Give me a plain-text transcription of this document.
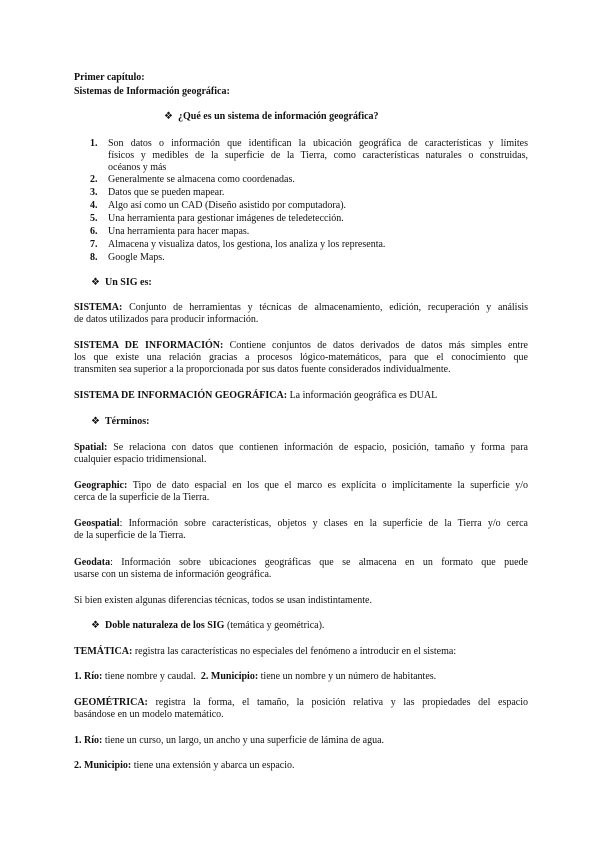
Primer capítulo:
Sistemas de Información geográfica:
❖ ¿Qué es un sistema de información geográfica?
1.	Son datos o información que identifican la ubicación geográfica de características y límites
físicos y medibles de la superficie de la Tierra, como características naturales o construidas,
océanos y más
2.	Generalmente se almacena como coordenadas.
3.	Datos que se pueden mapear.
4.	Algo así como un CAD (Diseño asistido por computadora).
5.	Una herramienta para gestionar imágenes de teledetección.
6.	Una herramienta para hacer mapas.
7.	Almacena y visualiza datos, los gestiona, los analiza y los representa.
8.	Google Maps.
❖ Un SIG es:
SISTEMA: Conjunto de herramientas y técnicas de almacenamiento, edición, recuperación y análisis
de datos utilizados para producir información.
SISTEMA DE INFORMACIÓN: Contiene conjuntos de datos derivados de datos más simples entre
los que existe una relación gracias a procesos lógico-matemáticos, para que el conocimiento que
transmiten sea superior a la proporcionada por sus datos fuente considerados individualmente.
SISTEMA DE INFORMACIÓN GEOGRÁFICA: La información geográfica es DUAL
❖ Términos:
Spatial: Se relaciona con datos que contienen información de espacio, posición, tamaño y forma para
cualquier espacio tridimensional.
Geographic: Tipo de dato espacial en los que el marco es explícita o implícitamente la superficie y/o
cerca de la superficie de la Tierra.
Geospatial: Información sobre características, objetos y clases en la superficie de la Tierra y/o cerca
de la superficie de la Tierra.
Geodata: Información sobre ubicaciones geográficas que se almacena en un formato que puede
usarse con un sistema de información geográfica.
Si bien existen algunas diferencias técnicas, todos se usan indistintamente.
❖ Doble naturaleza de los SIG (temática y geométrica).
TEMÁTICA: registra las características no especiales del fenómeno a introducir en el sistema:
1. Río: tiene nombre y caudal. 2. Municipio: tiene un nombre y un número de habitantes.
GEOMÉTRICA: registra la forma, el tamaño, la posición relativa y las propiedades del espacio
basándose en un modelo matemático.
1. Río: tiene un curso, un largo, un ancho y una superficie de lámina de agua.
2. Municipio: tiene una extensión y abarca un espacio.
